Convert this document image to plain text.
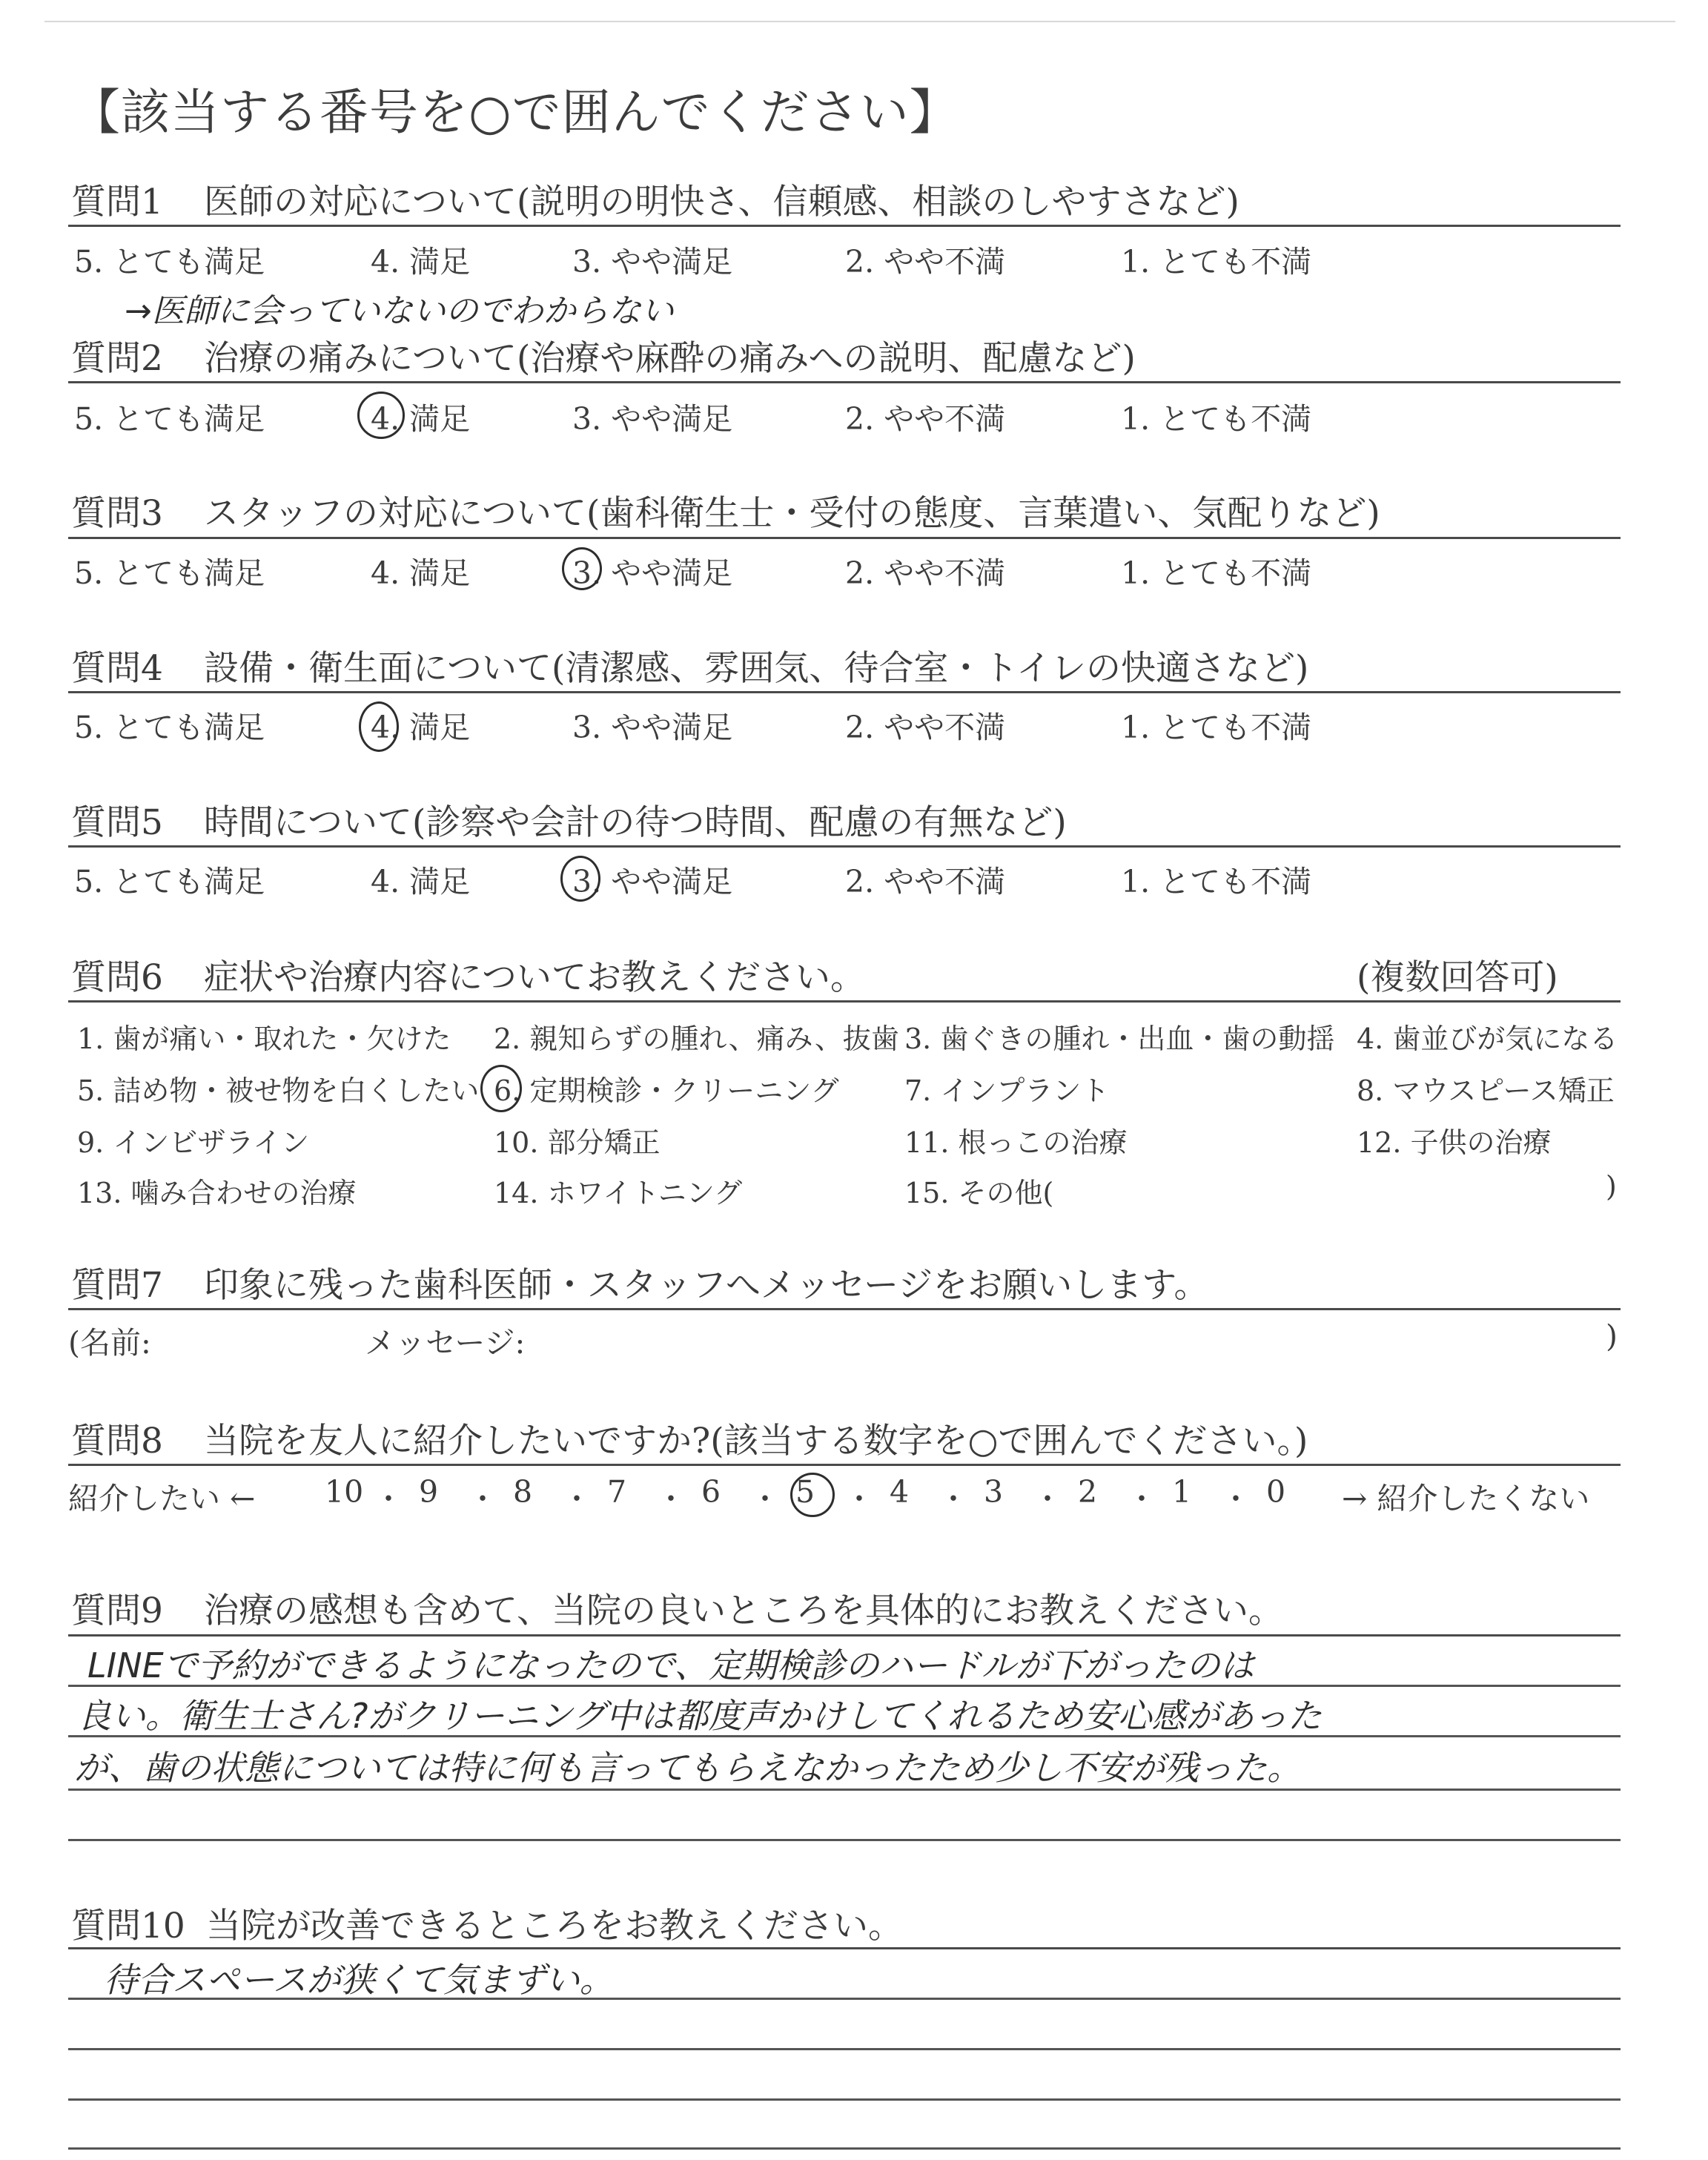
【該当する番号を○で囲んでください】
質問1 医師の対応について(説明の明快さ、信頼感、相談のしやすさなど)
5. とても満足	4. 満足	3. やや満足	2. やや不満	1. とても不満
→医師に会っていないのでわからない
質問2 治療の痛みについて(治療や麻酔の痛みへの説明、配慮など)
5. とても満足	4. 満足	3. やや満足	2. やや不満	1. とても不満
質問3 スタッフの対応について(歯科衛生士・受付の態度、言葉遣い、気配りなど)
5. とても満足	4. 満足	3. やや満足	2. やや不満	1. とても不満
質問4 設備・衛生面について(清潔感、雰囲気、待合室・トイレの快適さなど)
5. とても満足	4. 満足	3. やや満足	2. やや不満	1. とても不満
質問5 時間について(診察や会計の待つ時間、配慮の有無など)
5. とても満足	4. 満足	3. やや満足	2. やや不満	1. とても不満
質問6 症状や治療内容についてお教えください。	(複数回答可)
1. 歯が痛い・取れた・欠けた 2. 親知らずの腫れ、痛み、抜歯 3. 歯ぐきの腫れ・出血・歯の動揺 4. 歯並びが気になる
5. 詰め物・被せ物を白くしたい 6. 定期検診・クリーニング 7. インプラント	8. マウスピース矯正
9. インビザライン	10. 部分矯正	11. 根っこの治療	12. 子供の治療
13. 噛み合わせの治療	14. ホワイトニング	15. その他(	)
質問7 印象に残った歯科医師・スタッフへメッセージをお願いします。
(名前:	メッセージ:	)
質問8 当院を友人に紹介したいですか?(該当する数字を○で囲んでください。)
紹介したい ← 10 ・ 9 ・ 8 ・ 7 ・ 6 ・ 5 ・ 4 ・ 3 ・ 2 ・ 1 ・ 0 → 紹介したくない
質問9 治療の感想も含めて、当院の良いところを具体的にお教えください。
LINEで予約ができるようになったので、定期検診のハードルが下がったのは
良い。衛生士さん?がクリーニング中は都度声かけしてくれるため安心感があった
が、歯の状態については特に何も言ってもらえなかったため少し不安が残った。
質問10 当院が改善できるところをお教えください。
待合スペースが狭くて気まずい。
